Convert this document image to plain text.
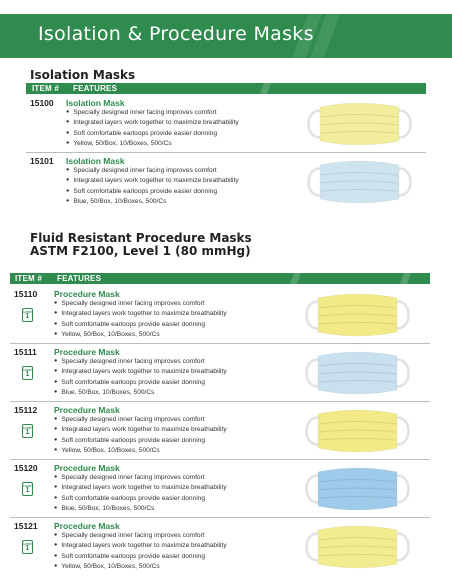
Isolation & Procedure Masks
Isolation Masks
ITEM # FEATURES
15100 Isolation Mask
● Specially designed inner facing improves comfort
● Integrated layers work together to maximize breathability
● Soft comfortable earloops provide easier donning
● Yellow, 50/Box, 10/Boxes, 500/Cs
15101 Isolation Mask
● Specially designed inner facing improves comfort
● Integrated layers work together to maximize breathability
● Soft comfortable earloops provide easier donning
● Blue, 50/Box, 10/Boxes, 500/Cs
Fluid Resistant Procedure Masks
ASTM F2100, Level 1 (80 mmHg)
ITEM # FEATURES
15110 Procedure Mask
● Specially designed inner facing improves comfort
● Integrated layers work together to maximize breathability
● Soft comfortable earloops provide easier donning
● Yellow, 50/Box, 10/Boxes, 500/Cs
Level
1
15111 Procedure Mask
● Specially designed inner facing improves comfort
● Integrated layers work together to maximize breathability
● Soft comfortable earloops provide easier donning
● Blue, 50/Box, 10/Boxes, 500/Cs
Level
1
15112 Procedure Mask
● Specially designed inner facing improves comfort
● Integrated layers work together to maximize breathability
● Soft comfortable earloops provide easier donning
● Yellow, 50/Box, 10/Boxes, 500/Cs
Level
1
15120 Procedure Mask
● Specially designed inner facing improves comfort
● Integrated layers work together to maximize breathability
● Soft comfortable earloops provide easier donning
● Blue, 50/Box, 10/Boxes, 500/Cs
Level
1
15121 Procedure Mask
● Specially designed inner facing improves comfort
● Integrated layers work together to maximize breathability
● Soft comfortable earloops provide easier donning
● Yellow, 50/Box, 10/Boxes, 500/Cs
Level
1
